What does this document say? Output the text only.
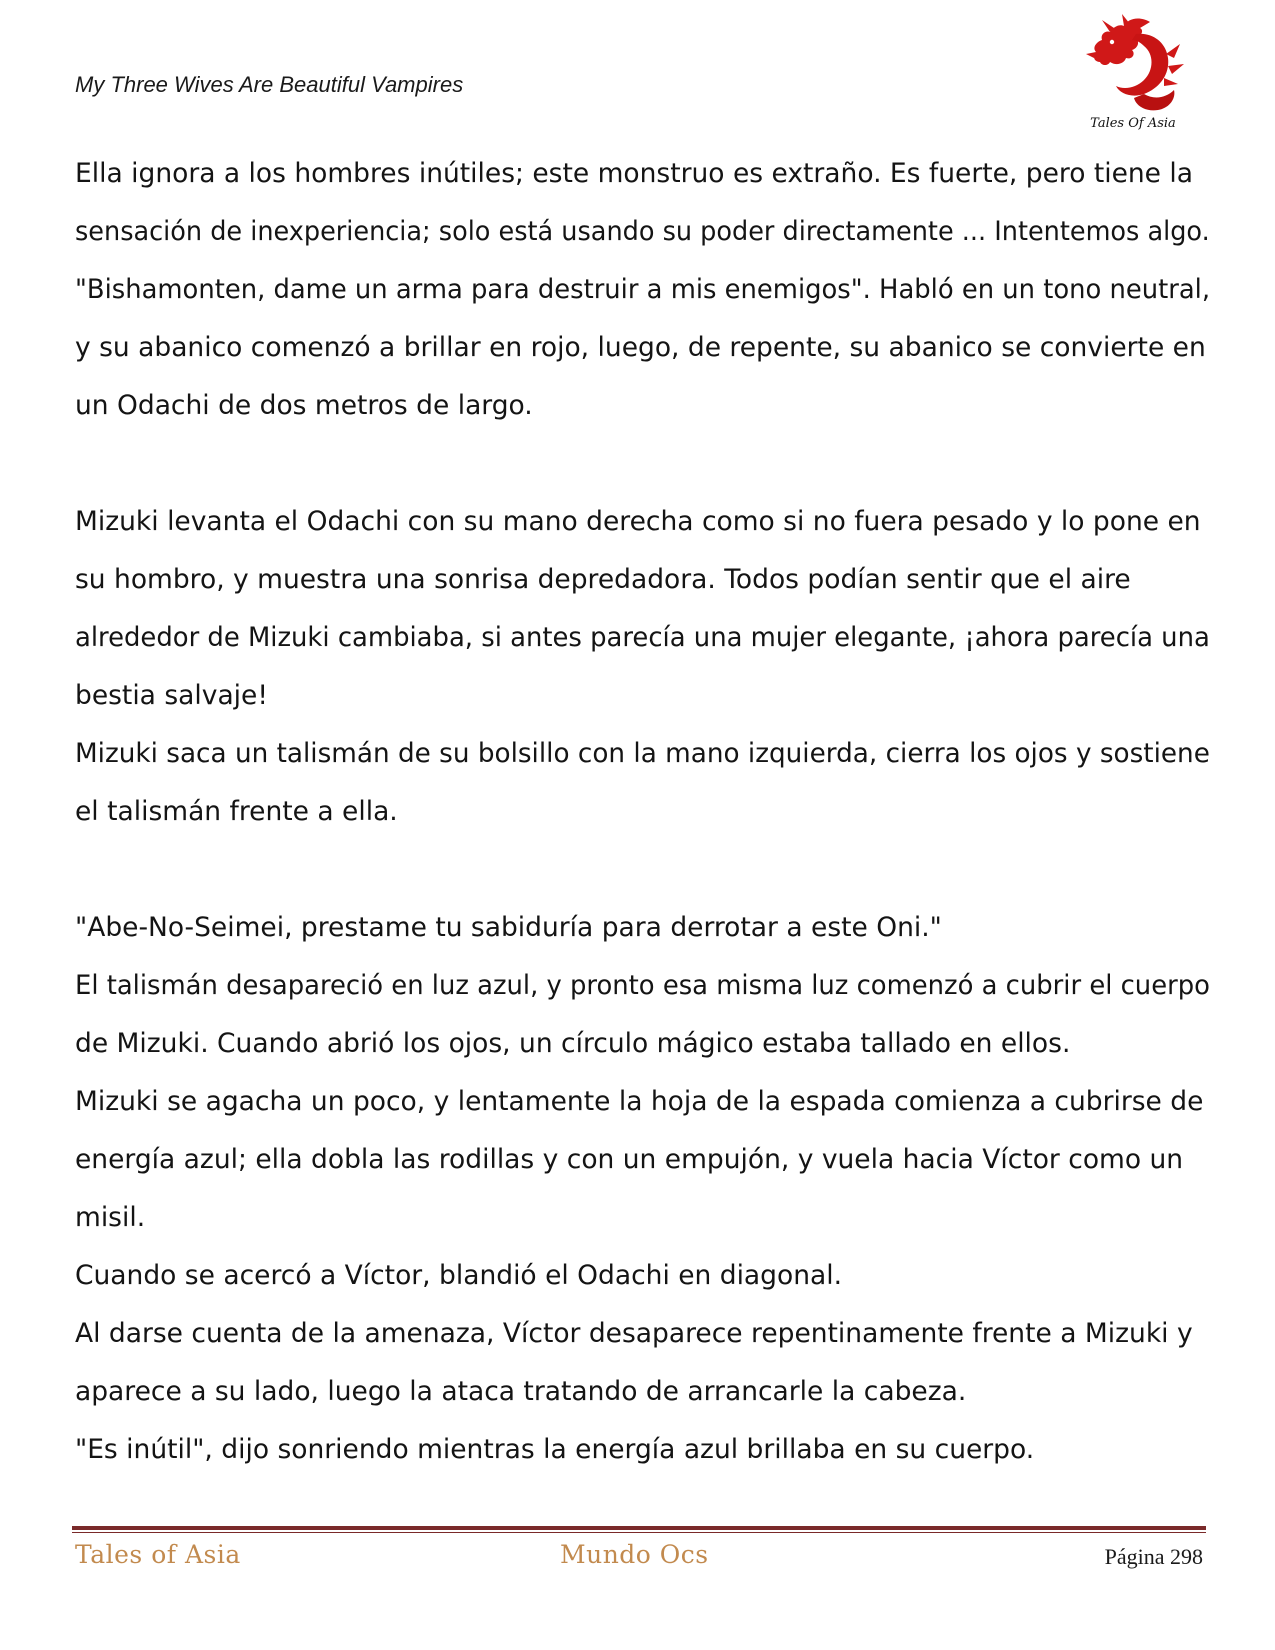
My Three Wives Are Beautiful Vampires
Tales Of Asia
Ella ignora a los hombres inútiles; este monstruo es extraño. Es fuerte, pero tiene la
sensación de inexperiencia; solo está usando su poder directamente ... Intentemos algo.
"Bishamonten, dame un arma para destruir a mis enemigos". Habló en un tono neutral,
y su abanico comenzó a brillar en rojo, luego, de repente, su abanico se convierte en
un Odachi de dos metros de largo.
Mizuki levanta el Odachi con su mano derecha como si no fuera pesado y lo pone en
su hombro, y muestra una sonrisa depredadora. Todos podían sentir que el aire
alrededor de Mizuki cambiaba, si antes parecía una mujer elegante, ¡ahora parecía una
bestia salvaje!
Mizuki saca un talismán de su bolsillo con la mano izquierda, cierra los ojos y sostiene
el talismán frente a ella.
"Abe-No-Seimei, prestame tu sabiduría para derrotar a este Oni."
El talismán desapareció en luz azul, y pronto esa misma luz comenzó a cubrir el cuerpo
de Mizuki. Cuando abrió los ojos, un círculo mágico estaba tallado en ellos.
Mizuki se agacha un poco, y lentamente la hoja de la espada comienza a cubrirse de
energía azul; ella dobla las rodillas y con un empujón, y vuela hacia Víctor como un
misil.
Cuando se acercó a Víctor, blandió el Odachi en diagonal.
Al darse cuenta de la amenaza, Víctor desaparece repentinamente frente a Mizuki y
aparece a su lado, luego la ataca tratando de arrancarle la cabeza.
"Es inútil", dijo sonriendo mientras la energía azul brillaba en su cuerpo.
Tales of Asia	Mundo Ocs	Página 298
